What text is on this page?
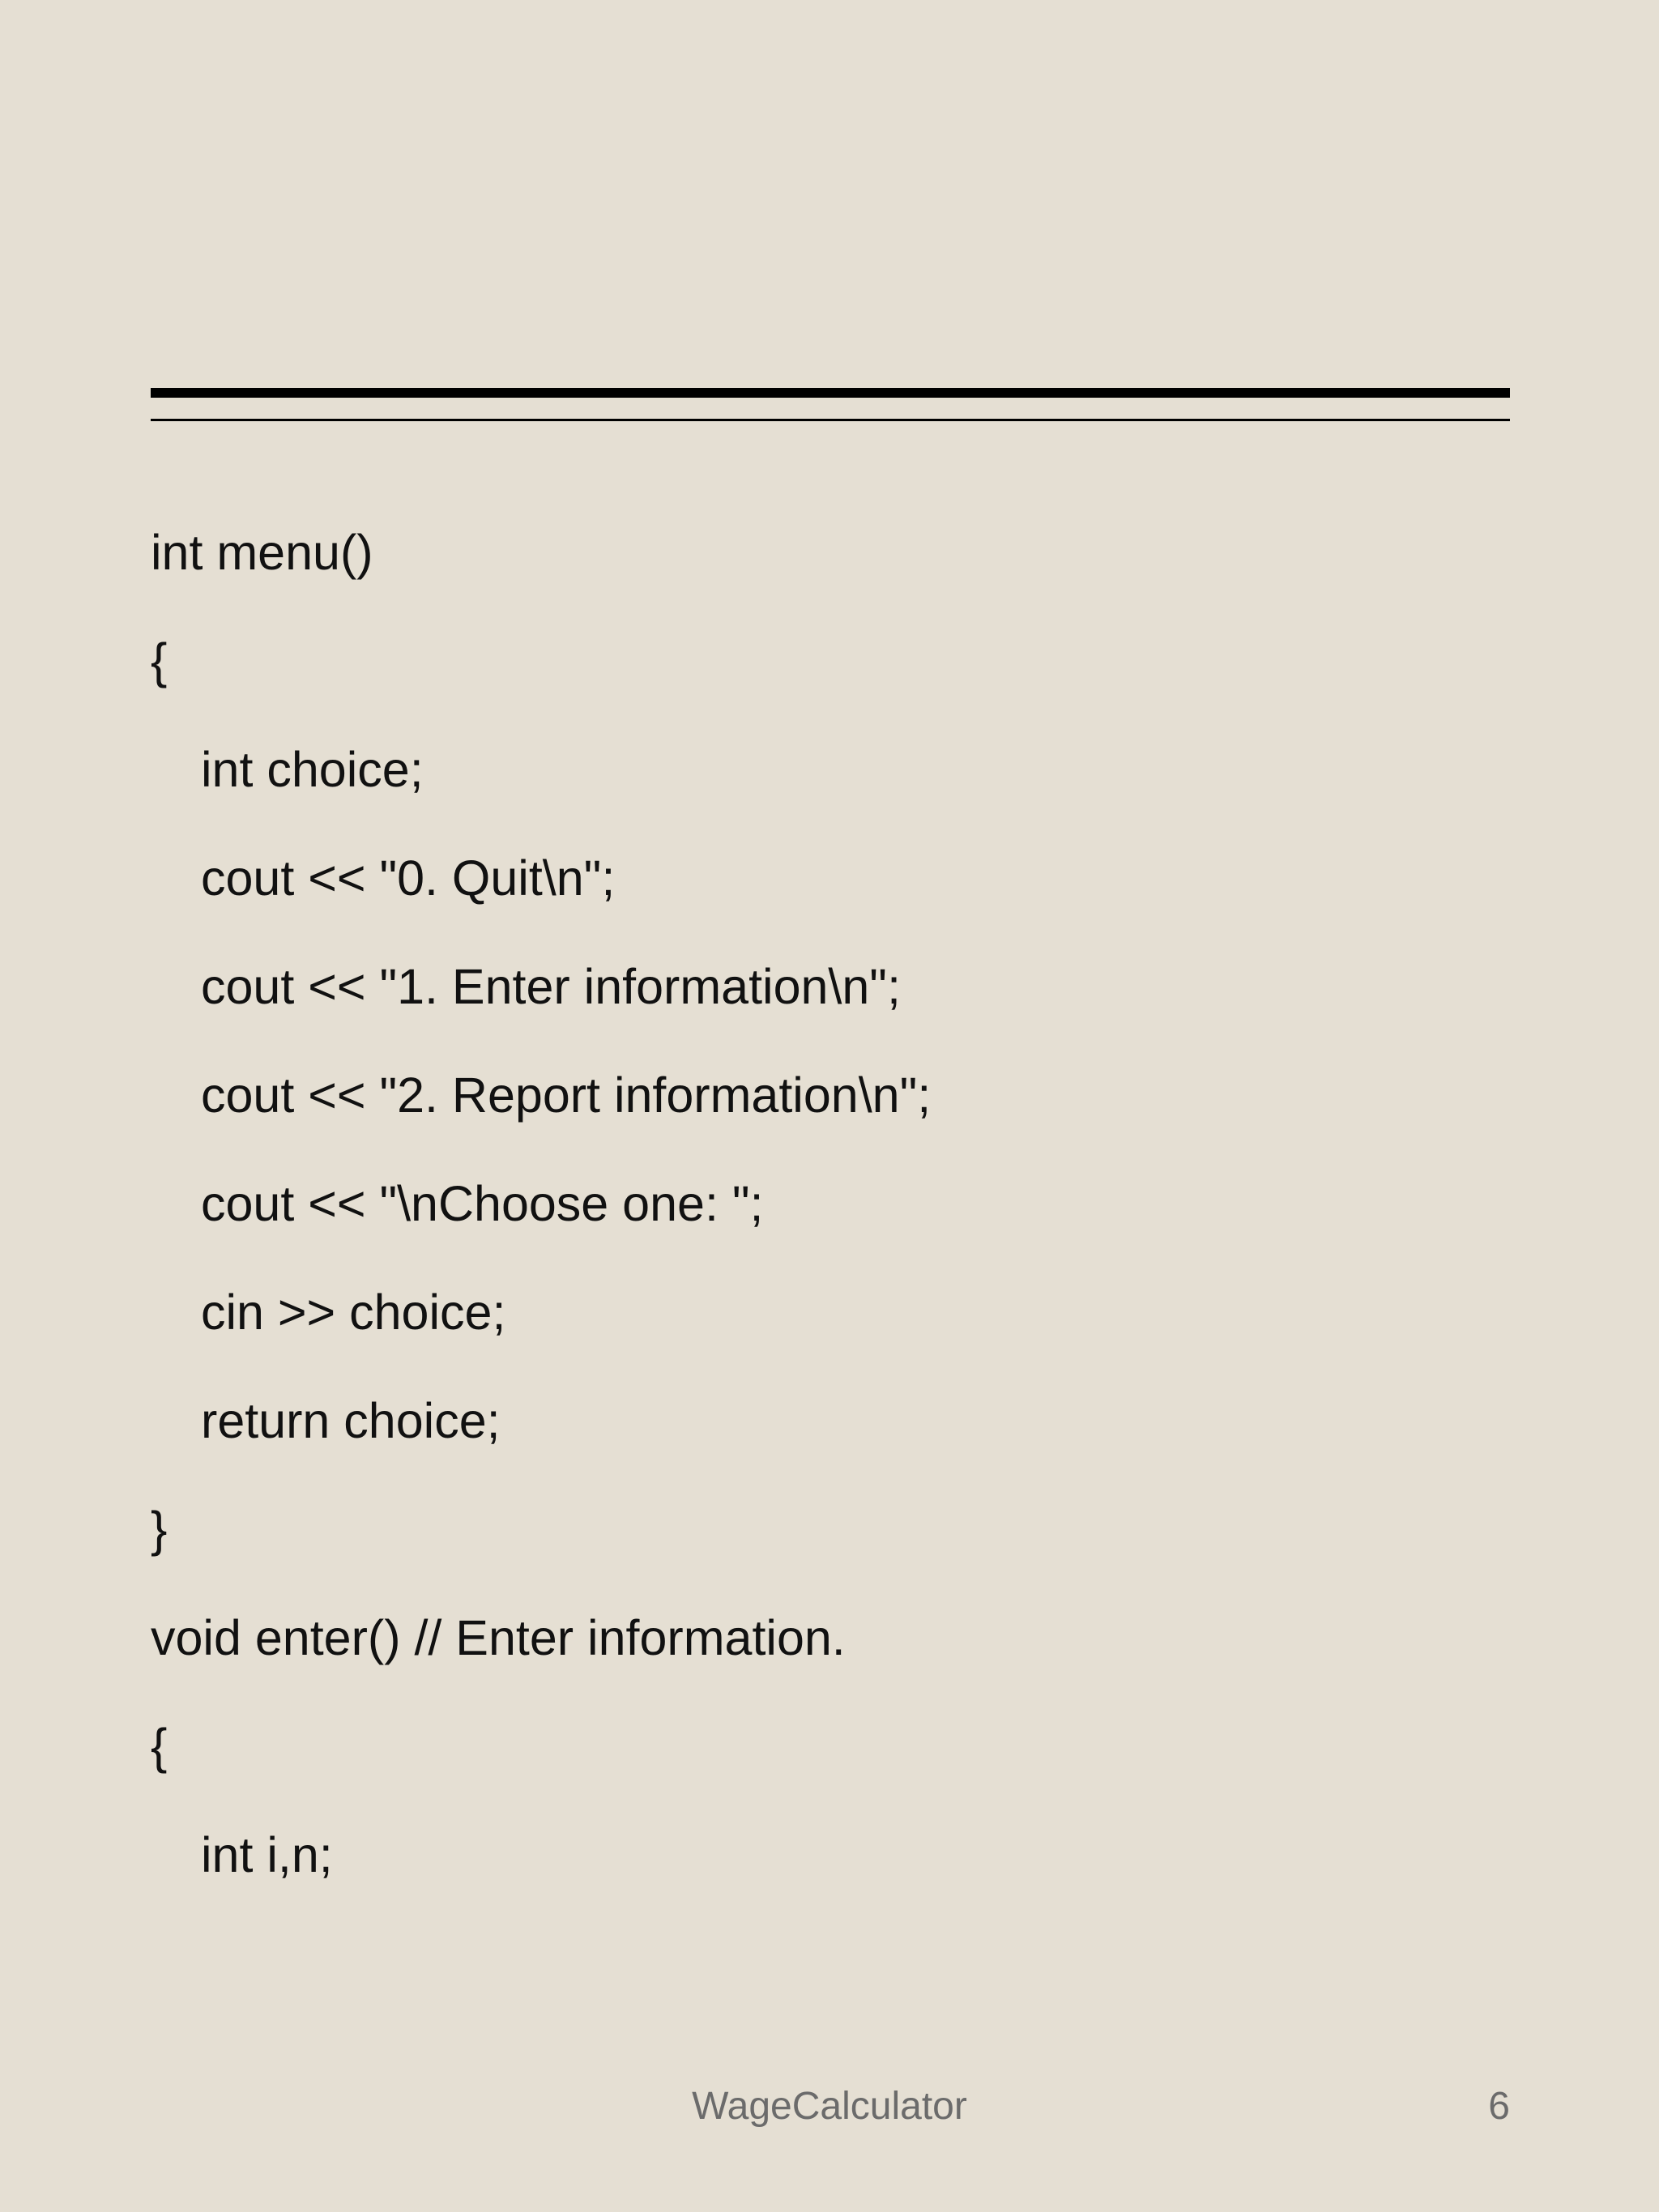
int menu()
{
int choice;
cout << "0. Quit\n";
cout << "1. Enter information\n";
cout << "2. Report information\n";
cout << "\nChoose one: ";
cin >> choice;
return choice;
}
void enter() // Enter information.
{
int i,n;
WageCalculator	6
